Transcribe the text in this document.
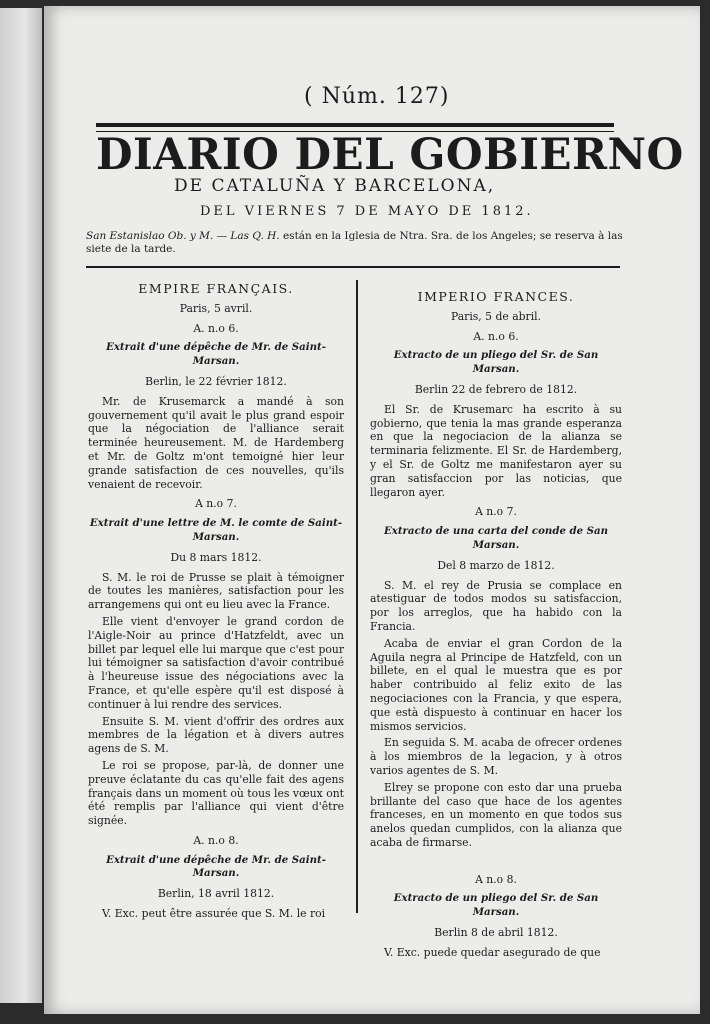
( Núm. 127)
DIARIO DEL GOBIERNO
DE CATALUÑA Y BARCELONA,
DEL VIERNES 7 DE MAYO DE 1812.
San Estanislao Ob. y M. — Las Q. H. están en la Iglesia de Ntra. Sra. de los Angeles; se reserva à las siete de la tarde.

EMPIRE FRANÇAIS.

Paris, 5 avril.

A. n.o 6.

Extrait d'une dépêche de Mr. de Saint-Marsan.

Berlin, le 22 février 1812.

Mr. de Krusemarck a mandé à son gouvernement qu'il avait le plus grand espoir que la négociation de l'alliance serait terminée heureusement. M. de Hardemberg et Mr. de Goltz m'ont temoigné hier leur grande satisfaction de ces nouvelles, qu'ils venaient de recevoir.

A n.o 7.

Extrait d'une lettre de M. le comte de Saint-Marsan.

Du 8 mars 1812.

S. M. le roi de Prusse se plait à témoigner de toutes les manières, satisfaction pour les arrangemens qui ont eu lieu avec la France.

Elle vient d'envoyer le grand cordon de l'Aigle-Noir au prince d'Hatzfeldt, avec un billet par lequel elle lui marque que c'est pour lui témoigner sa satisfaction d'avoir contribué à l'heureuse issue des négociations avec la France, et qu'elle espère qu'il est disposé à continuer à lui rendre des services.

Ensuite S. M. vient d'offrir des ordres aux membres de la légation et à divers autres agens de S. M.

Le roi se propose, par-là, de donner une preuve éclatante du cas qu'elle fait des agens français dans un moment où tous les vœux ont été remplis par l'alliance qui vient d'être signée.

A. n.o 8.

Extrait d'une dépêche de Mr. de Saint-Marsan.

Berlin, 18 avril 1812.

V. Exc. peut être assurée que S. M. le roi

IMPERIO FRANCES.

Paris, 5 de abril.

A. n.o 6.

Extracto de un pliego del Sr. de San Marsan.

Berlin 22 de febrero de 1812.

El Sr. de Krusemarc ha escrito à su gobierno, que tenia la mas grande esperanza en que la negociacion de la alianza se terminaria felizmente. El Sr. de Hardemberg, y el Sr. de Goltz me manifestaron ayer su gran satisfaccion por las noticias, que llegaron ayer.

A n.o 7.

Extracto de una carta del conde de San Marsan.

Del 8 marzo de 1812.

S. M. el rey de Prusia se complace en atestiguar de todos modos su satisfaccion, por los arreglos, que ha habido con la Francia.

Acaba de enviar el gran Cordon de la Aguila negra al Principe de Hatzfeld, con un billete, en el qual le muestra que es por haber contribuido al feliz exito de las negociaciones con la Francia, y que espera, que està dispuesto à continuar en hacer los mismos servicios.

En seguida S. M. acaba de ofrecer ordenes à los miembros de la legacion, y à otros varios agentes de S. M.

Elrey se propone con esto dar una prueba brillante del caso que hace de los agentes franceses, en un momento en que todos sus anelos quedan cumplidos, con la alianza que acaba de firmarse.

A n.o 8.

Extracto de un pliego del Sr. de San Marsan.

Berlin 8 de abril 1812.

V. Exc. puede quedar asegurado de que
